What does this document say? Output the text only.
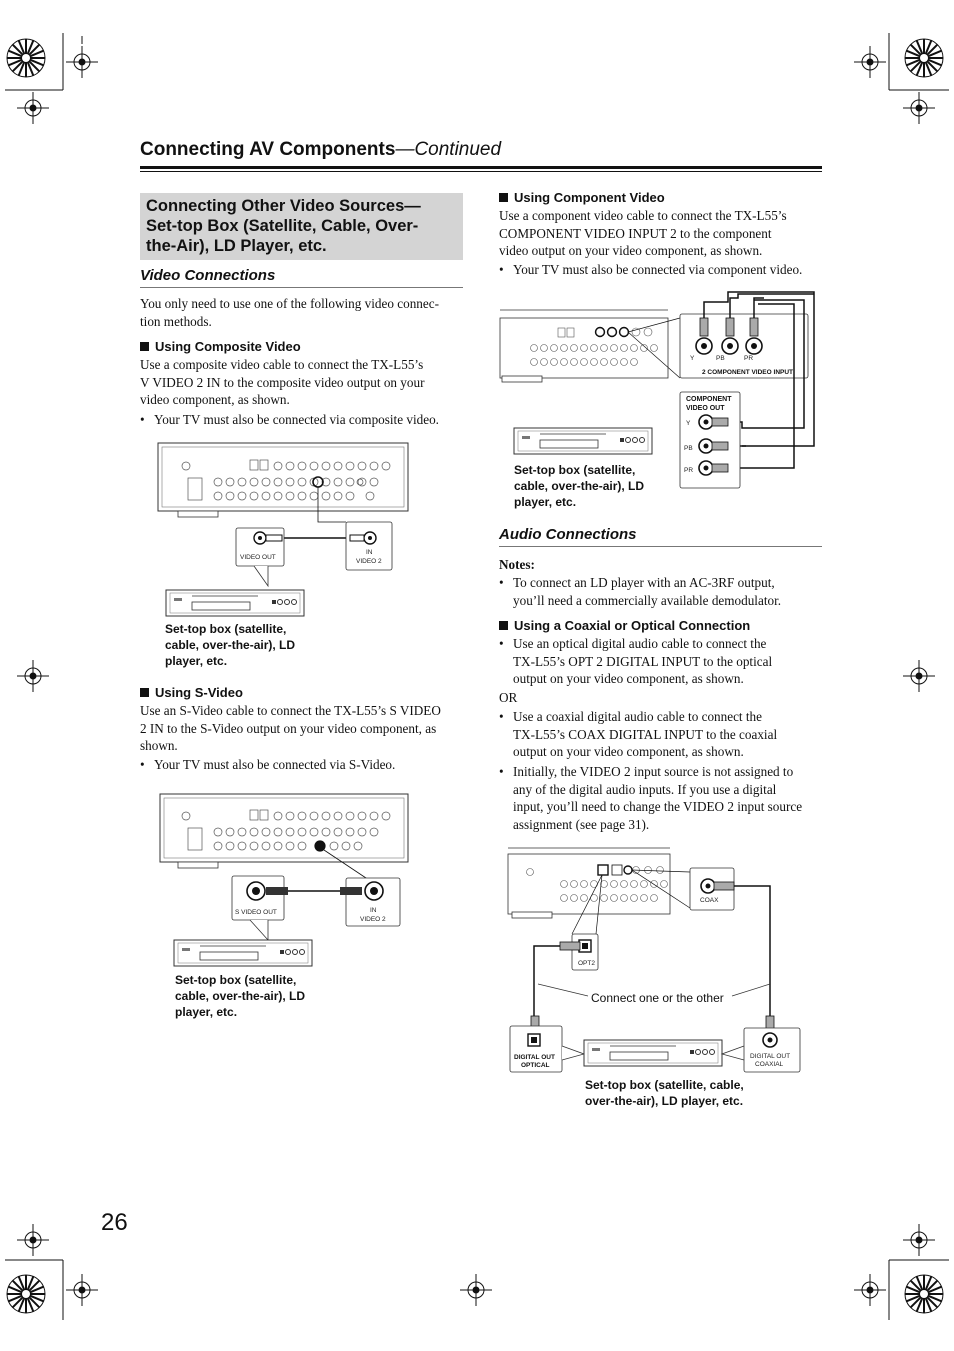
Connecting AV Components—Continued
Connecting Other Video Sources—
Set-top Box (Satellite, Cable, Over-
the-Air), LD Player, etc.
Video Connections
You only need to use one of the following video connec-
tion methods.
Using Composite Video
Use a composite video cable to connect the TX-L55’s
V VIDEO 2 IN to the composite video output on your
video component, as shown.
• Your TV must also be connected via composite video.
VIDEO OUT
IN
VIDEO 2
Set-top box (satellite,
cable, over-the-air), LD
player, etc.
Using S-Video
Use an S-Video cable to connect the TX-L55’s S VIDEO
2 IN to the S-Video output on your video component, as
shown.
• Your TV must also be connected via S-Video.
S VIDEO OUT	IN
VIDEO 2
Set-top box (satellite,
cable, over-the-air), LD
player, etc.
Using Component Video
Use a component video cable to connect the TX-L55’s
COMPONENT VIDEO INPUT 2 to the component
video output on your video component, as shown.
• Your TV must also be connected via component video.
Y	PB	PR
2 COMPONENT VIDEO INPUT
COMPONENT
VIDEO OUT
Y
PB
PR
Set-top box (satellite,
cable, over-the-air), LD
player, etc.
Audio Connections
Notes:
• To connect an LD player with an AC-3RF output,
you’ll need a commercially available demodulator.
Using a Coaxial or Optical Connection
• Use an optical digital audio cable to connect the
TX-L55’s OPT 2 DIGITAL INPUT to the optical
output on your video component, as shown.
OR
• Use a coaxial digital audio cable to connect the
TX-L55’s COAX DIGITAL INPUT to the coaxial
output on your video component, as shown.
• Initially, the VIDEO 2 input source is not assigned to
any of the digital audio inputs. If you use a digital
input, you’ll need to change the VIDEO 2 input source
assignment (see page 31).
COAX
OPT2
DIGITAL OUT
OPTICAL
DIGITAL OUT
COAXIAL
Connect one or the other
Set-top box (satellite, cable,
over-the-air), LD player, etc.
26
